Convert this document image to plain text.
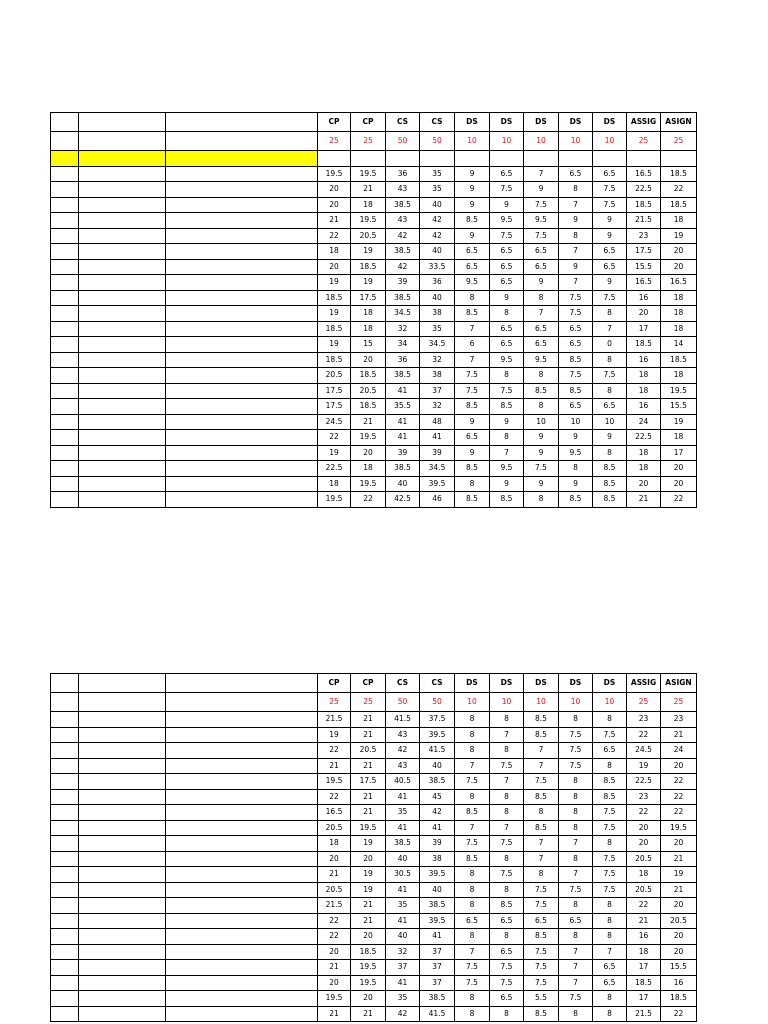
			CP	CP	CS	CS	DS	DS	DS	DS	DS	ASSIG	ASIGN
			25	25	50	50	10	10	10	10	10	25	25

			19.5	19.5	36	35	9	6.5	7	6.5	6.5	16.5	18.5
			20	21	43	35	9	7.5	9	8	7.5	22.5	22
			20	18	38.5	40	9	9	7.5	7	7.5	18.5	18.5
			21	19.5	43	42	8.5	9.5	9.5	9	9	21.5	18
			22	20.5	42	42	9	7.5	7.5	8	9	23	19
			18	19	38.5	40	6.5	6.5	6.5	7	6.5	17.5	20
			20	18.5	42	33.5	6.5	6.5	6.5	9	6.5	15.5	20
			19	19	39	36	9.5	6.5	9	7	9	16.5	16.5
			18.5	17.5	38.5	40	8	9	8	7.5	7.5	16	18
			19	18	34.5	38	8.5	8	7	7.5	8	20	18
			18.5	18	32	35	7	6.5	6.5	6.5	7	17	18
			19	15	34	34.5	6	6.5	6.5	6.5	0	18.5	14
			18.5	20	36	32	7	9.5	9.5	8.5	8	16	18.5
			20.5	18.5	38.5	38	7.5	8	8	7.5	7.5	18	18
			17.5	20.5	41	37	7.5	7.5	8.5	8.5	8	18	19.5
			17.5	18.5	35.5	32	8.5	8.5	8	6.5	6.5	16	15.5
			24.5	21	41	48	9	9	10	10	10	24	19
			22	19.5	41	41	6.5	8	9	9	9	22.5	18
			19	20	39	39	9	7	9	9.5	8	18	17
			22.5	18	38.5	34.5	8.5	9.5	7.5	8	8.5	18	20
			18	19.5	40	39.5	8	9	9	9	8.5	20	20
			19.5	22	42.5	46	8.5	8.5	8	8.5	8.5	21	22
			CP	CP	CS	CS	DS	DS	DS	DS	DS	ASSIG	ASIGN
			25	25	50	50	10	10	10	10	10	25	25
			21.5	21	41.5	37.5	8	8	8.5	8	8	23	23
			19	21	43	39.5	8	7	8.5	7.5	7.5	22	21
			22	20.5	42	41.5	8	8	7	7.5	6.5	24.5	24
			21	21	43	40	7	7.5	7	7.5	8	19	20
			19.5	17.5	40.5	38.5	7.5	7	7.5	8	8.5	22.5	22
			22	21	41	45	8	8	8.5	8	8.5	23	22
			16.5	21	35	42	8.5	8	8	8	7.5	22	22
			20.5	19.5	41	41	7	7	8.5	8	7.5	20	19.5
			18	19	38.5	39	7.5	7.5	7	7	8	20	20
			20	20	40	38	8.5	8	7	8	7.5	20.5	21
			21	19	30.5	39.5	8	7.5	8	7	7.5	18	19
			20.5	19	41	40	8	8	7.5	7.5	7.5	20.5	21
			21.5	21	35	38.5	8	8.5	7.5	8	8	22	20
			22	21	41	39.5	6.5	6.5	6.5	6.5	8	21	20.5
			22	20	40	41	8	8	8.5	8	8	16	20
			20	18.5	32	37	7	6.5	7.5	7	7	18	20
			21	19.5	37	37	7.5	7.5	7.5	7	6.5	17	15.5
			20	19.5	41	37	7.5	7.5	7.5	7	6.5	18.5	16
			19.5	20	35	38.5	8	6.5	5.5	7.5	8	17	18.5
			21	21	42	41.5	8	8	8.5	8	8	21.5	22
